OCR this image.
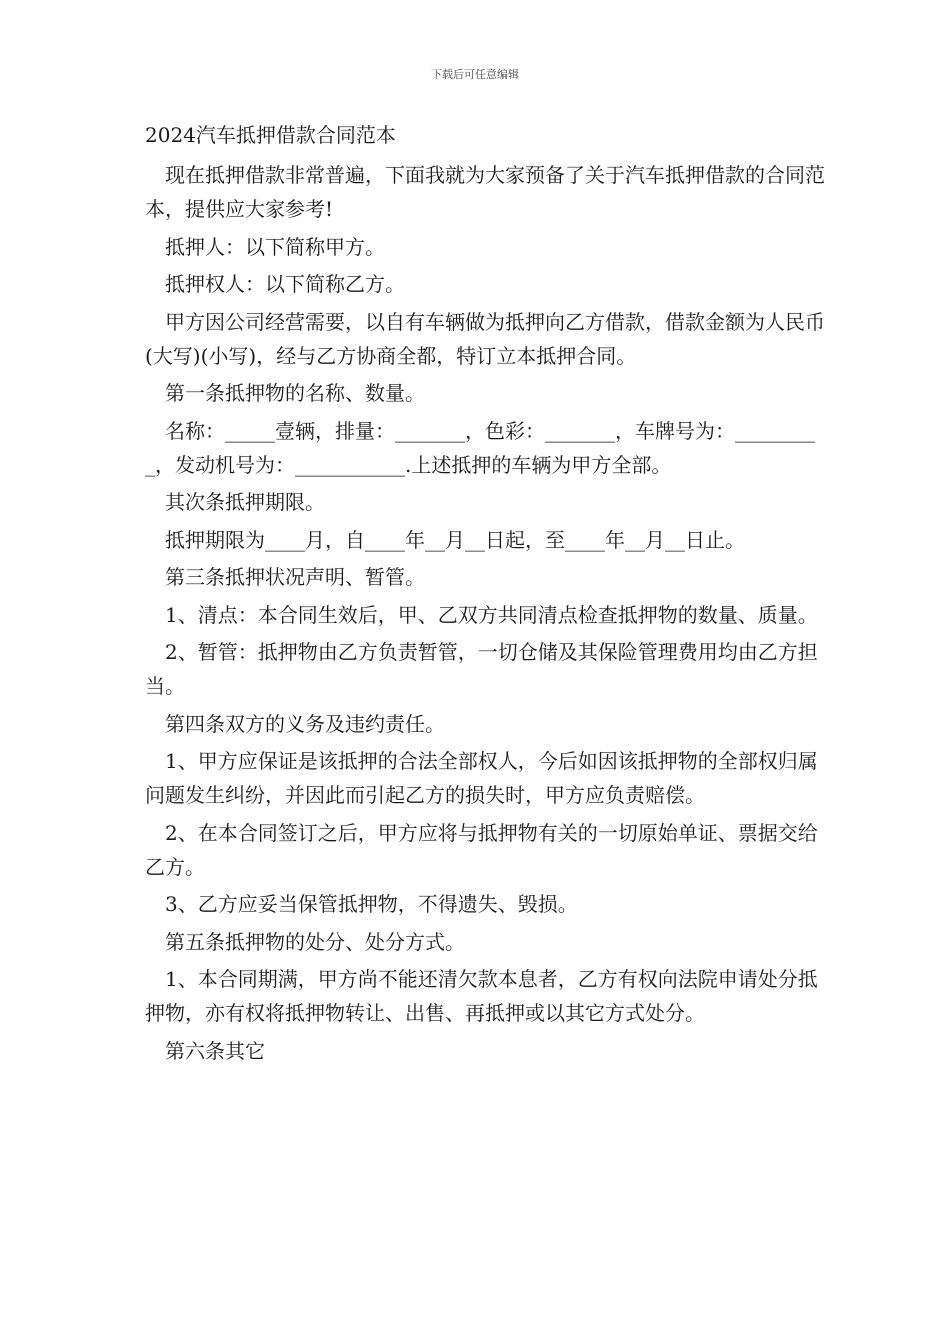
下载后可任意编辑
2024汽车抵押借款合同范本

现在抵押借款非常普遍，下面我就为大家预备了关于汽车抵押借款的合同范本，提供应大家参考!

抵押人：以下简称甲方。

抵押权人：以下简称乙方。

甲方因公司经营需要，以自有车辆做为抵押向乙方借款，借款金额为人民币(大写)(小写)，经与乙方协商全都，特订立本抵押合同。

第一条抵押物的名称、数量。

名称：_____壹辆，排量：_______，色彩：_______，车牌号为：_________，发动机号为：___________.上述抵押的车辆为甲方全部。

其次条抵押期限。

抵押期限为____月，自____年__月__日起，至____年__月__日止。

第三条抵押状况声明、暂管。

1、清点：本合同生效后，甲、乙双方共同清点检查抵押物的数量、质量。

2、暂管：抵押物由乙方负责暂管，一切仓储及其保险管理费用均由乙方担当。

第四条双方的义务及违约责任。

1、甲方应保证是该抵押的合法全部权人，今后如因该抵押物的全部权归属问题发生纠纷，并因此而引起乙方的损失时，甲方应负责赔偿。

2、在本合同签订之后，甲方应将与抵押物有关的一切原始单证、票据交给乙方。

3、乙方应妥当保管抵押物，不得遗失、毁损。

第五条抵押物的处分、处分方式。

1、本合同期满，甲方尚不能还清欠款本息者，乙方有权向法院申请处分抵押物，亦有权将抵押物转让、出售、再抵押或以其它方式处分。

第六条其它
